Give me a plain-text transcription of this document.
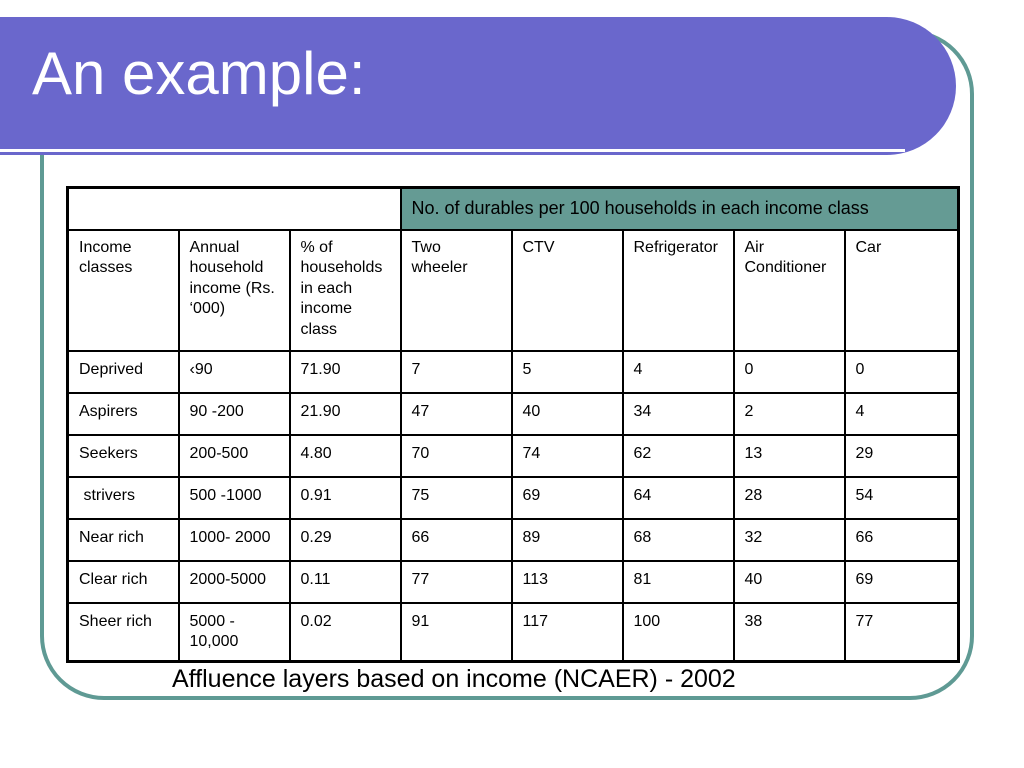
An example:
			No. of durables per 100 households in each income class				
Income classes	Annual household income (Rs. ‘000)	% of households in each income class	Two wheeler	CTV	Refrigerator	Air Conditioner	Car
Deprived	‹90	71.90	7	5	4	0	0
Aspirers	90 -200	21.90	47	40	34	2	4
Seekers	200-500	4.80	70	74	62	13	29
strivers	500 -1000	0.91	75	69	64	28	54
Near rich	1000- 2000	0.29	66	89	68	32	66
Clear rich	2000-5000	0.11	77	113	81	40	69
Sheer rich	5000 - 10,000	0.02	91	117	100	38	77

Affluence layers based on income (NCAER) - 2002
